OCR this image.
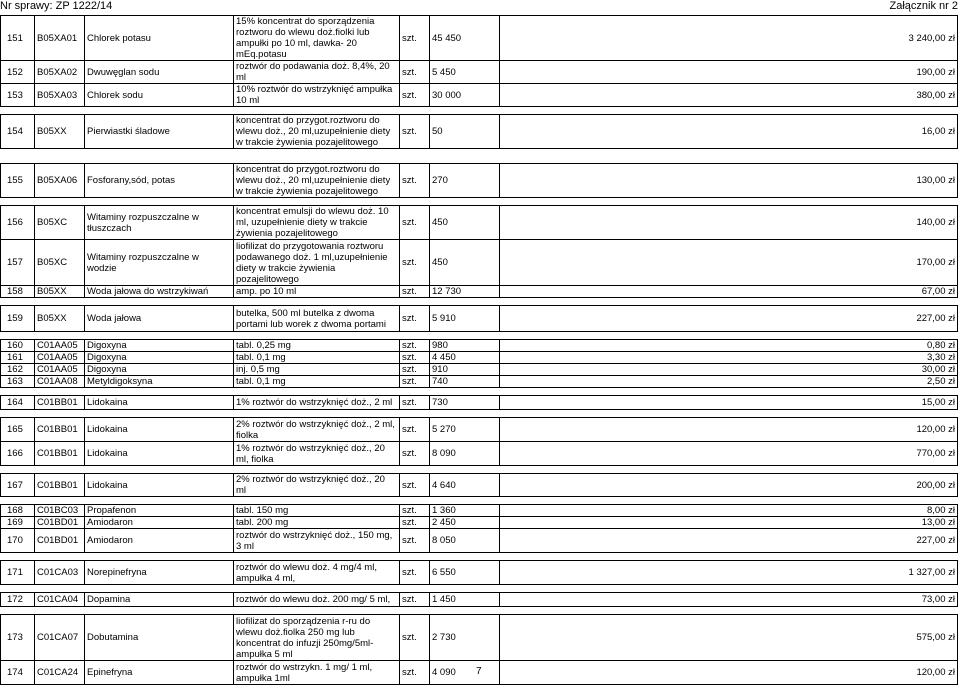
Nr sprawy: ZP 1222/14	Załącznik nr 2
151	B05XA01	Chlorek potasu	15% koncentrat do sporządzenia roztworu do wlewu doż.fiolki lub ampułki po 10 ml, dawka- 20 mEq.potasu	szt.	45 450	3 240,00 zł
152	B05XA02	Dwuwęglan sodu	roztwór do podawania doż. 8,4%, 20 ml	szt.	5 450	190,00 zł
153	B05XA03	Chlorek sodu	10% roztwór do wstrzyknięć ampułka 10 ml	szt.	30 000	380,00 zł

154	B05XX	Pierwiastki śladowe	koncentrat do przygot.roztworu do wlewu doż., 20 ml,uzupełnienie diety w trakcie żywienia pozajelitowego	szt.	50	16,00 zł

155	B05XA06	Fosforany,sód, potas	koncentrat do przygot.roztworu do wlewu doż., 20 ml,uzupełnienie diety w trakcie żywienia pozajelitowego	szt.	270	130,00 zł

156	B05XC	Witaminy rozpuszczalne w tłuszczach	koncentrat emulsji do wlewu doż. 10 ml, uzupełnienie diety w trakcie żywienia pozajelitowego	szt.	450	140,00 zł
157	B05XC	Witaminy rozpuszczalne w wodzie	liofilizat do przygotowania roztworu podawanego doż. 1 ml,uzupełnienie diety w trakcie żywienia pozajelitowego	szt.	450	170,00 zł
158	B05XX	Woda jałowa do wstrzykiwań	amp. po 10 ml	szt.	12 730	67,00 zł

159	B05XX	Woda jałowa	butelka, 500 ml butelka z dwoma portami lub worek z dwoma portami	szt.	5 910	227,00 zł

160	C01AA05	Digoxyna	tabl. 0,25 mg	szt.	980	0,80 zł
161	C01AA05	Digoxyna	tabl. 0,1 mg	szt.	4 450	3,30 zł
162	C01AA05	Digoxyna	inj. 0,5 mg	szt.	910	30,00 zł
163	C01AA08	Metyldigoksyna	tabl. 0,1 mg	szt.	740	2,50 zł

164	C01BB01	Lidokaina	1% roztwór do wstrzyknięć doż., 2 ml	szt.	730	15,00 zł

165	C01BB01	Lidokaina	2% roztwór do wstrzyknięć doż., 2 ml, fiolka	szt.	5 270	120,00 zł
166	C01BB01	Lidokaina	1% roztwór do wstrzyknięć doż., 20 ml, fiolka	szt.	8 090	770,00 zł

167	C01BB01	Lidokaina	2% roztwór do wstrzyknięć doż., 20 ml	szt.	4 640	200,00 zł

168	C01BC03	Propafenon	tabl. 150 mg	szt.	1 360	8,00 zł
169	C01BD01	Amiodaron	tabl. 200 mg	szt.	2 450	13,00 zł
170	C01BD01	Amiodaron	roztwór do wstrzyknięć doż., 150 mg, 3 ml	szt.	8 050	227,00 zł

171	C01CA03	Norepinefryna	roztwór do wlewu doż. 4 mg/4 ml, ampułka 4 ml,	szt.	6 550	1 327,00 zł

172	C01CA04	Dopamina	roztwór do wlewu doż. 200 mg/ 5 ml,	szt.	1 450	73,00 zł

173	C01CA07	Dobutamina	liofilizat do sporządzenia r-ru do wlewu doż.fiolka 250 mg lub koncentrat do infuzji 250mg/5ml-ampułka 5 ml	szt.	2 730	575,00 zł
174	C01CA24	Epinefryna	roztwór do wstrzykn. 1 mg/ 1 ml, ampułka 1ml	szt.	4 090	120,00 zł
7
